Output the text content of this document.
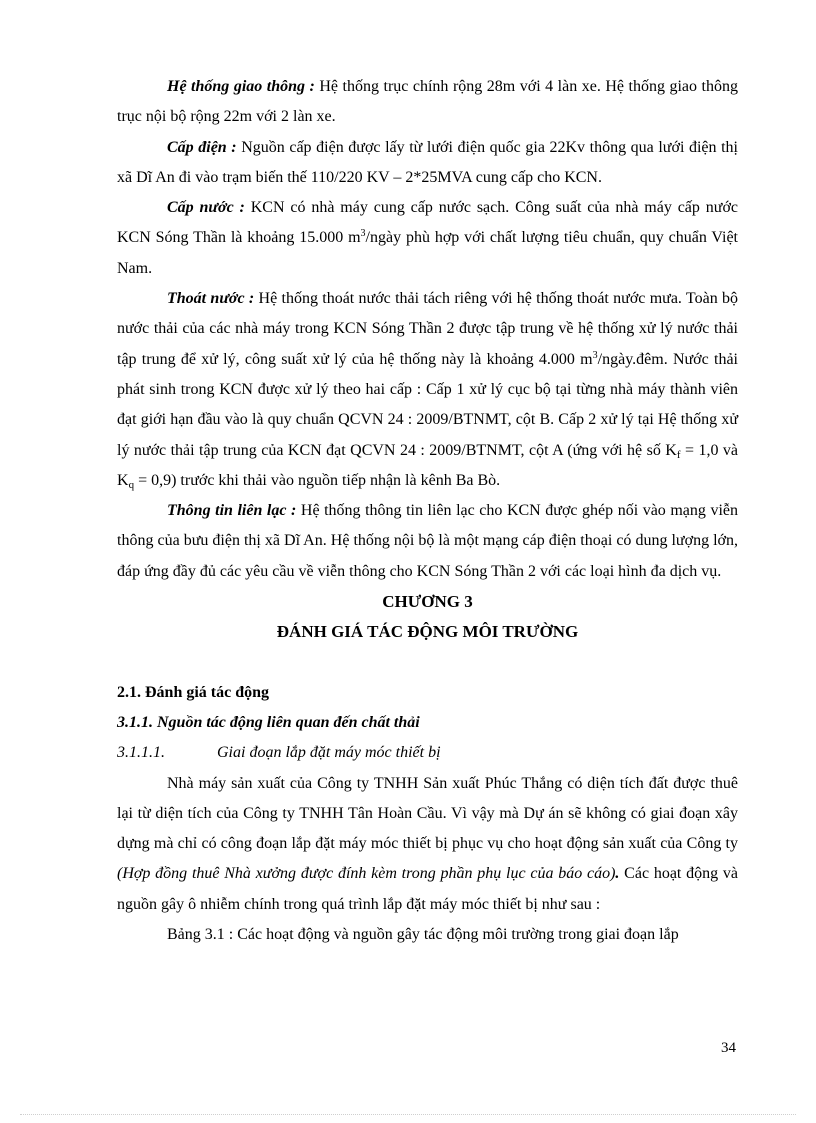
Hệ thống giao thông : Hệ thống trục chính rộng 28m với 4 làn xe. Hệ thống giao thông trục nội bộ rộng 22m với 2 làn xe.

Cấp điện : Nguồn cấp điện được lấy từ lưới điện quốc gia 22Kv thông qua lưới điện thị xã Dĩ An đi vào trạm biến thế 110/220 KV – 2*25MVA cung cấp cho KCN.

Cấp nước : KCN có nhà máy cung cấp nước sạch. Công suất của nhà máy cấp nước KCN Sóng Thần là khoảng 15.000 $m^3$/ngày phù hợp với chất lượng tiêu chuẩn, quy chuẩn Việt Nam.

Thoát nước : Hệ thống thoát nước thải tách riêng với hệ thống thoát nước mưa. Toàn bộ nước thải của các nhà máy trong KCN Sóng Thần 2 được tập trung về hệ thống xử lý nước thải tập trung để xử lý, công suất xử lý của hệ thống này là khoảng 4.000 $m^3/ngày.đêm$. Nước thải phát sinh trong KCN được xử lý theo hai cấp : Cấp 1 xử lý cục bộ tại từng nhà máy thành viên đạt giới hạn đầu vào là quy chuẩn QCVN 24 : 2009/BTNMT, cột B. Cấp 2 xử lý tại Hệ thống xử lý nước thải tập trung của KCN đạt QCVN 24 : 2009/BTNMT, cột A (ứng với hệ số $K_f = 1,0$ và $K_q = 0,9$) trước khi thải vào nguồn tiếp nhận là kênh Ba Bò.

Thông tin liên lạc : Hệ thống thông tin liên lạc cho KCN được ghép nối vào mạng viễn thông của bưu điện thị xã Dĩ An. Hệ thống nội bộ là một mạng cáp điện thoại có dung lượng lớn, đáp ứng đầy đủ các yêu cầu về viễn thông cho KCN Sóng Thần 2 với các loại hình đa dịch vụ.

CHƯƠNG 3

ĐÁNH GIÁ TÁC ĐỘNG MÔI TRƯỜNG

2.1. Đánh giá tác động

3.1.1. Nguồn tác động liên quan đến chất thải

3.1.1.1.	Giai đoạn lắp đặt máy móc thiết bị

Nhà máy sản xuất của Công ty TNHH Sản xuất Phúc Thắng có diện tích đất được thuê lại từ diện tích của Công ty TNHH Tân Hoàn Cầu. Vì vậy mà Dự án sẽ không có giai đoạn xây dựng mà chỉ có công đoạn lắp đặt máy móc thiết bị phục vụ cho hoạt động sản xuất của Công ty (Hợp đồng thuê Nhà xưởng được đính kèm trong phần phụ lục của báo cáo). Các hoạt động và nguồn gây ô nhiễm chính trong quá trình lắp đặt máy móc thiết bị như sau :

Bảng 3.1 : Các hoạt động và nguồn gây tác động môi trường trong giai đoạn lắp

34
